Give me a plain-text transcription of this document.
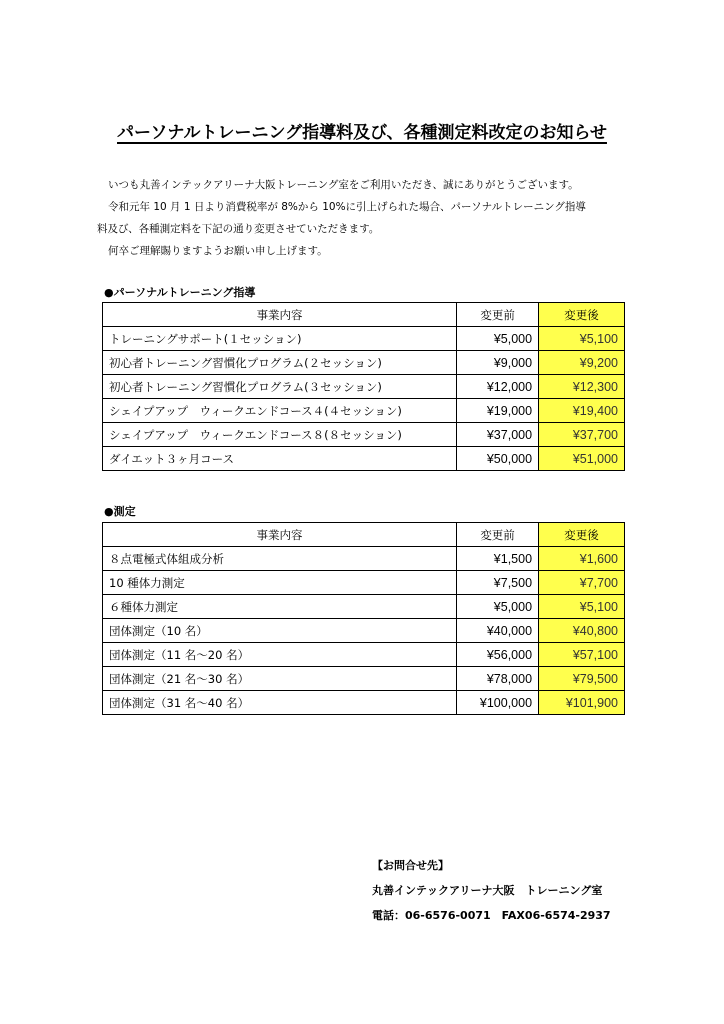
パーソナルトレーニング指導料及び、各種測定料改定のお知らせ

いつも丸善インテックアリーナ大阪トレーニング室をご利用いただき、誠にありがとうございます。

令和元年 10 月 1 日より消費税率が 8%から 10%に引上げられた場合、パーソナルトレーニング指導

料及び、各種測定料を下記の通り変更させていただきます。

何卒ご理解賜りますようお願い申し上げます。

●パーソナルトレーニング指導
事業内容	変更前	変更後
トレーニングサポート(１セッション)	¥5,000	¥5,100
初心者トレーニング習慣化プログラム(２セッション)	¥9,000	¥9,200
初心者トレーニング習慣化プログラム(３セッション)	¥12,000	¥12,300
シェイプアップ　ウィークエンドコース４(４セッション)	¥19,000	¥19,400
シェイプアップ　ウィークエンドコース８(８セッション)	¥37,000	¥37,700
ダイエット３ヶ月コース	¥50,000	¥51,000
●測定
事業内容	変更前	変更後
８点電極式体組成分析	¥1,500	¥1,600
10 種体力測定	¥7,500	¥7,700
６種体力測定	¥5,000	¥5,100
団体測定（10 名）	¥40,000	¥40,800
団体測定（11 名～20 名）	¥56,000	¥57,100
団体測定（21 名～30 名）	¥78,000	¥79,500
団体測定（31 名～40 名）	¥100,000	¥101,900
【お問合せ先】
丸善インテックアリーナ大阪　トレーニング室
電話：06-6576-0071　FAX06-6574-2937
